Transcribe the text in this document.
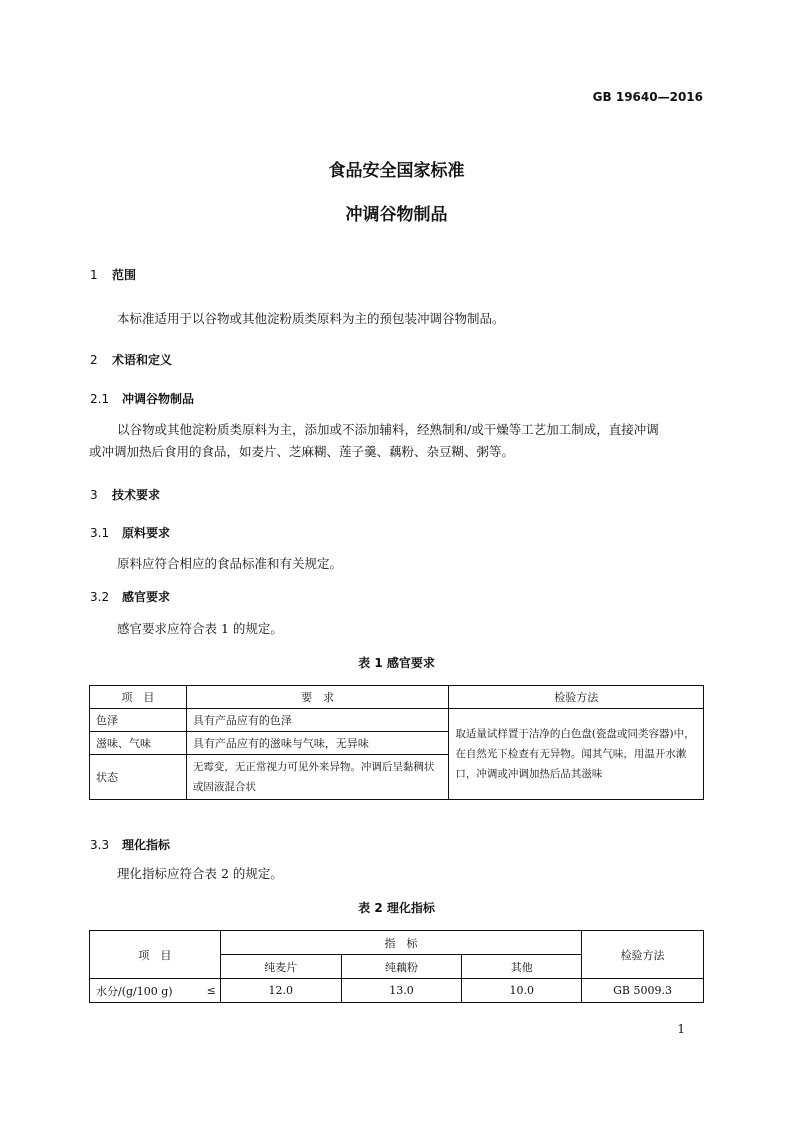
GB 19640—2016
食品安全国家标准
冲调谷物制品
1 范围
本标准适用于以谷物或其他淀粉质类原料为主的预包装冲调谷物制品。
2 术语和定义
2.1 冲调谷物制品
以谷物或其他淀粉质类原料为主，添加或不添加辅料，经熟制和/或干燥等工艺加工制成，直接冲调
或冲调加热后食用的食品，如麦片、芝麻糊、莲子羹、藕粉、杂豆糊、粥等。
3 技术要求
3.1 原料要求
原料应符合相应的食品标准和有关规定。
3.2 感官要求
感官要求应符合表 1 的规定。
表 1 感官要求
项　目	要　求	检验方法
色泽	具有产品应有的色泽	取适量试样置于洁净的白色盘(瓷盘或同类容器)中，在自然光下检查有无异物。闻其气味，用温开水漱口，冲调或冲调加热后品其滋味
滋味、气味	具有产品应有的滋味与气味，无异味	
状态	无霉变，无正常视力可见外来异物。冲调后呈黏稠状或固液混合状	
3.3 理化指标
理化指标应符合表 2 的规定。
表 2 理化指标
项　目		指　标			检验方法
		纯麦片	纯藕粉	其他	
水分/(g/100 g)	≤	12.0	13.0	10.0	GB 5009.3
1
